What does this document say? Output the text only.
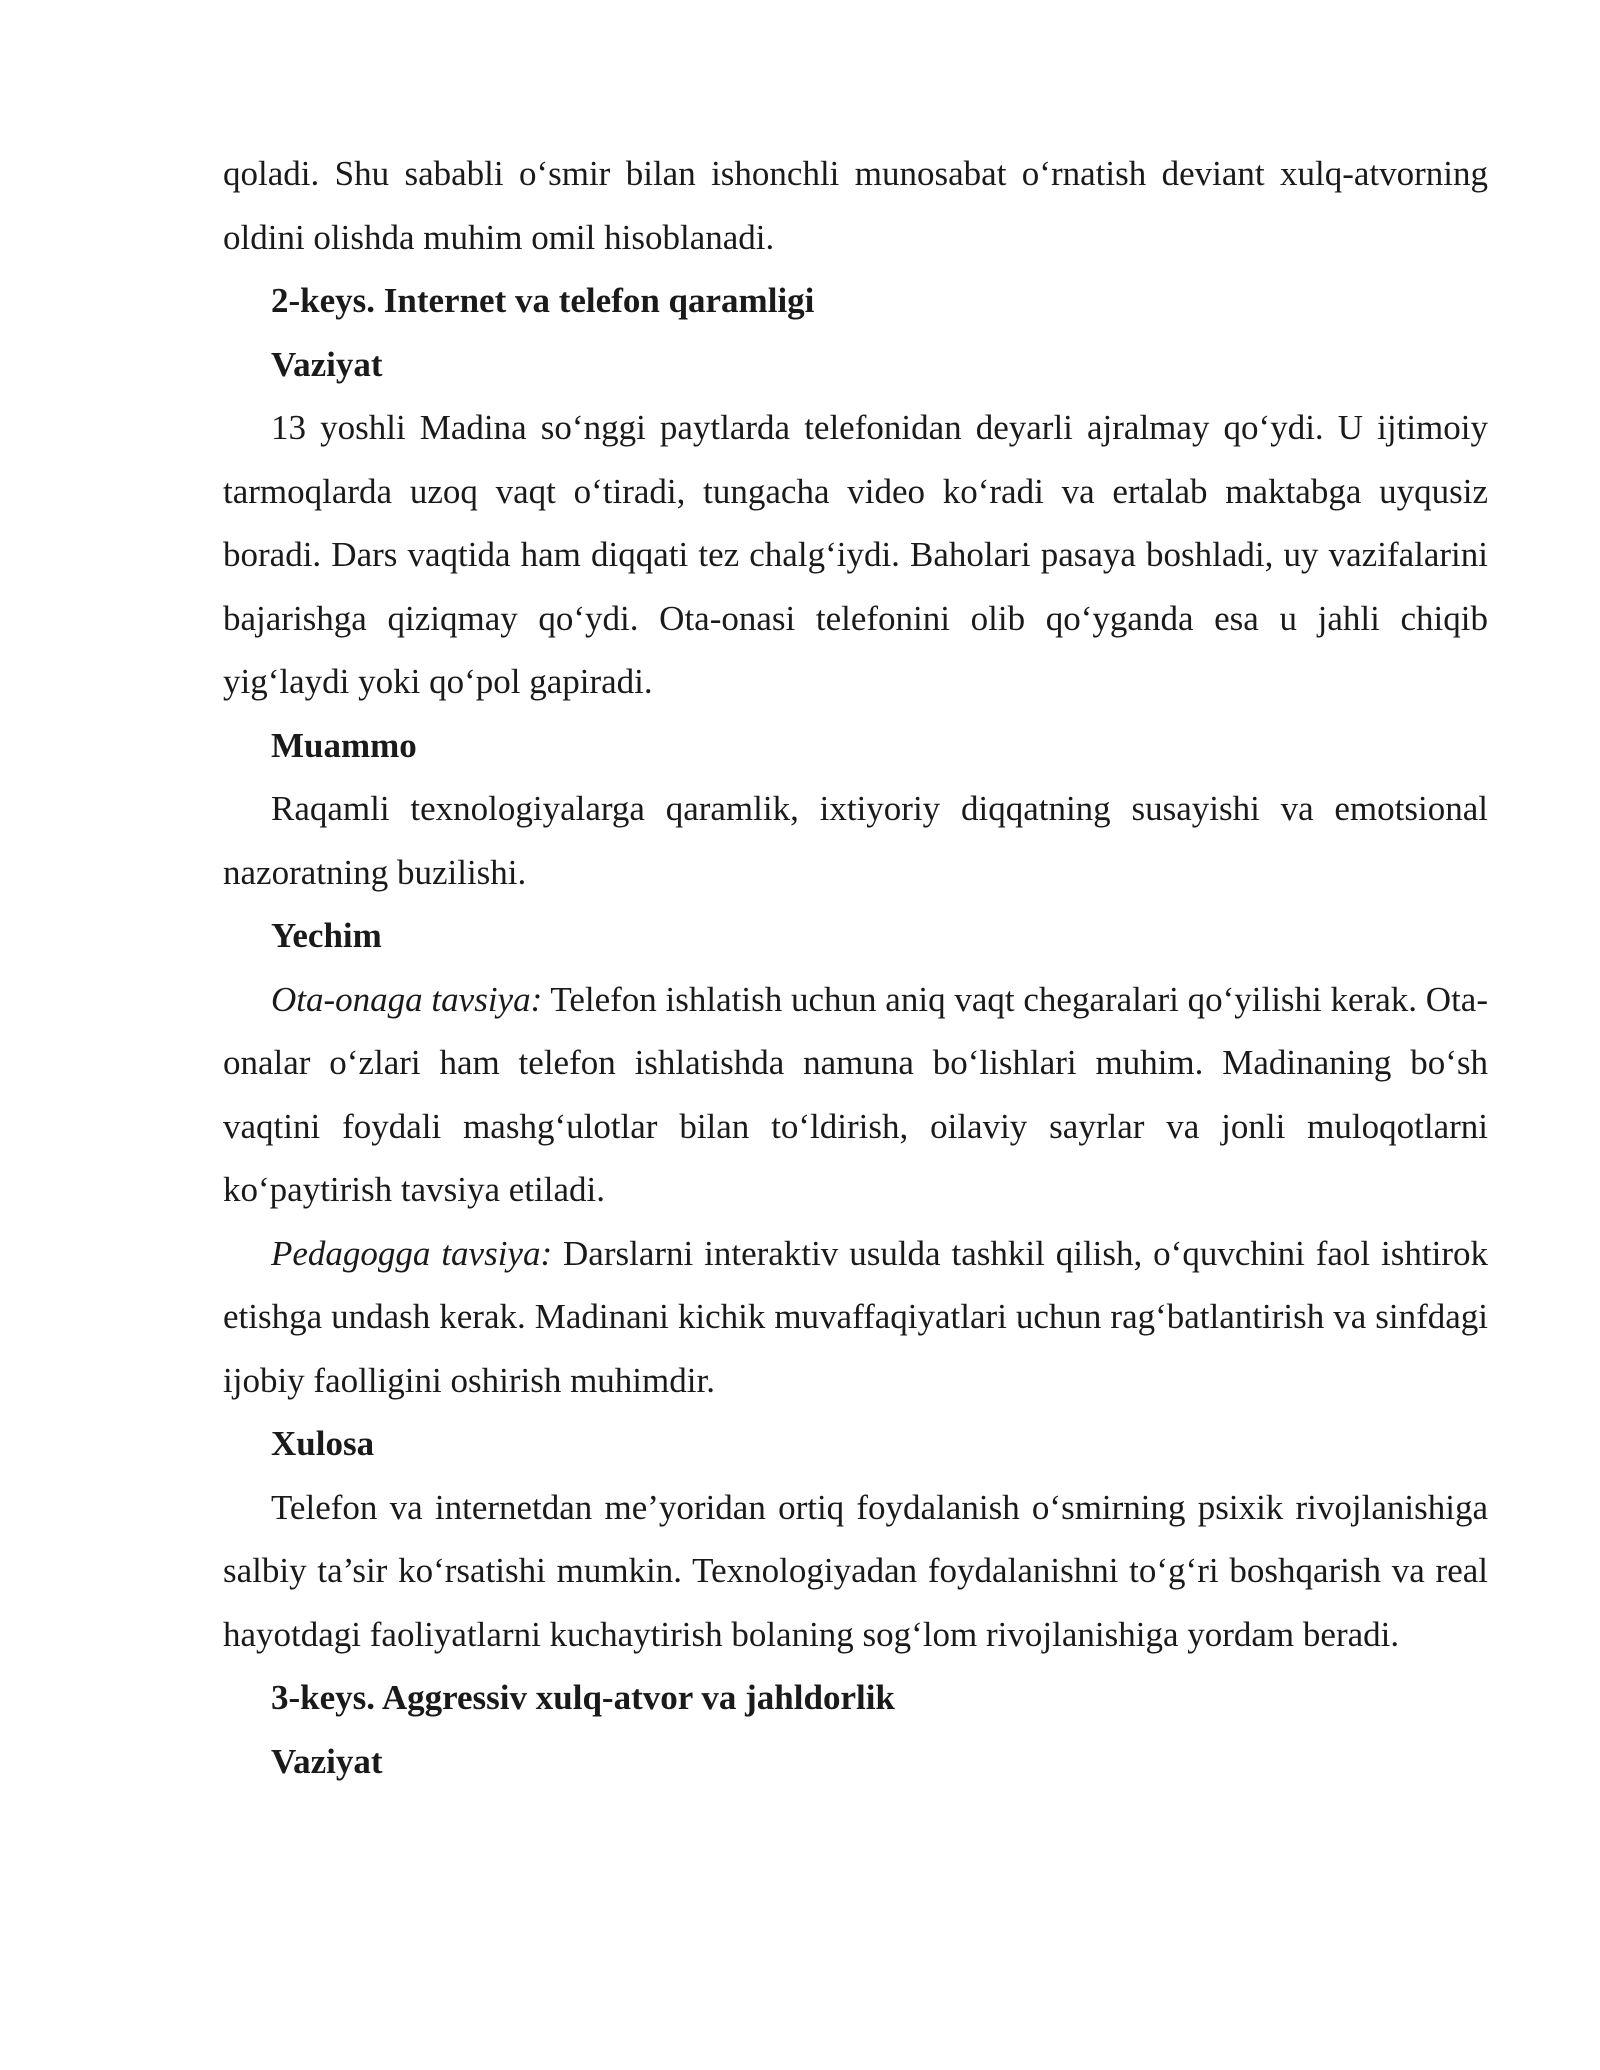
qoladi. Shu sababli o‘smir bilan ishonchli munosabat o‘rnatish deviant xulq-atvorning oldini olishda muhim omil hisoblanadi.

2-keys. Internet va telefon qaramligi

Vaziyat

13 yoshli Madina so‘nggi paytlarda telefonidan deyarli ajralmay qo‘ydi. U ijtimoiy tarmoqlarda uzoq vaqt o‘tiradi, tungacha video ko‘radi va ertalab maktabga uyqusiz boradi. Dars vaqtida ham diqqati tez chalg‘iydi. Baholari pasaya boshladi, uy vazifalarini bajarishga qiziqmay qo‘ydi. Ota-onasi telefonini olib qo‘yganda esa u jahli chiqib yig‘laydi yoki qo‘pol gapiradi.

Muammo

Raqamli texnologiyalarga qaramlik, ixtiyoriy diqqatning susayishi va emotsional nazoratning buzilishi.

Yechim

Ota-onaga tavsiya: Telefon ishlatish uchun aniq vaqt chegaralari qo‘yilishi kerak. Ota-onalar o‘zlari ham telefon ishlatishda namuna bo‘lishlari muhim. Madinaning bo‘sh vaqtini foydali mashg‘ulotlar bilan to‘ldirish, oilaviy sayrlar va jonli muloqotlarni ko‘paytirish tavsiya etiladi.

Pedagogga tavsiya: Darslarni interaktiv usulda tashkil qilish, o‘quvchini faol ishtirok etishga undash kerak. Madinani kichik muvaffaqiyatlari uchun rag‘batlantirish va sinfdagi ijobiy faolligini oshirish muhimdir.

Xulosa

Telefon va internetdan me’yoridan ortiq foydalanish o‘smirning psixik rivojlanishiga salbiy ta’sir ko‘rsatishi mumkin. Texnologiyadan foydalanishni to‘g‘ri boshqarish va real hayotdagi faoliyatlarni kuchaytirish bolaning sog‘lom rivojlanishiga yordam beradi.

3-keys. Aggressiv xulq-atvor va jahldorlik

Vaziyat
